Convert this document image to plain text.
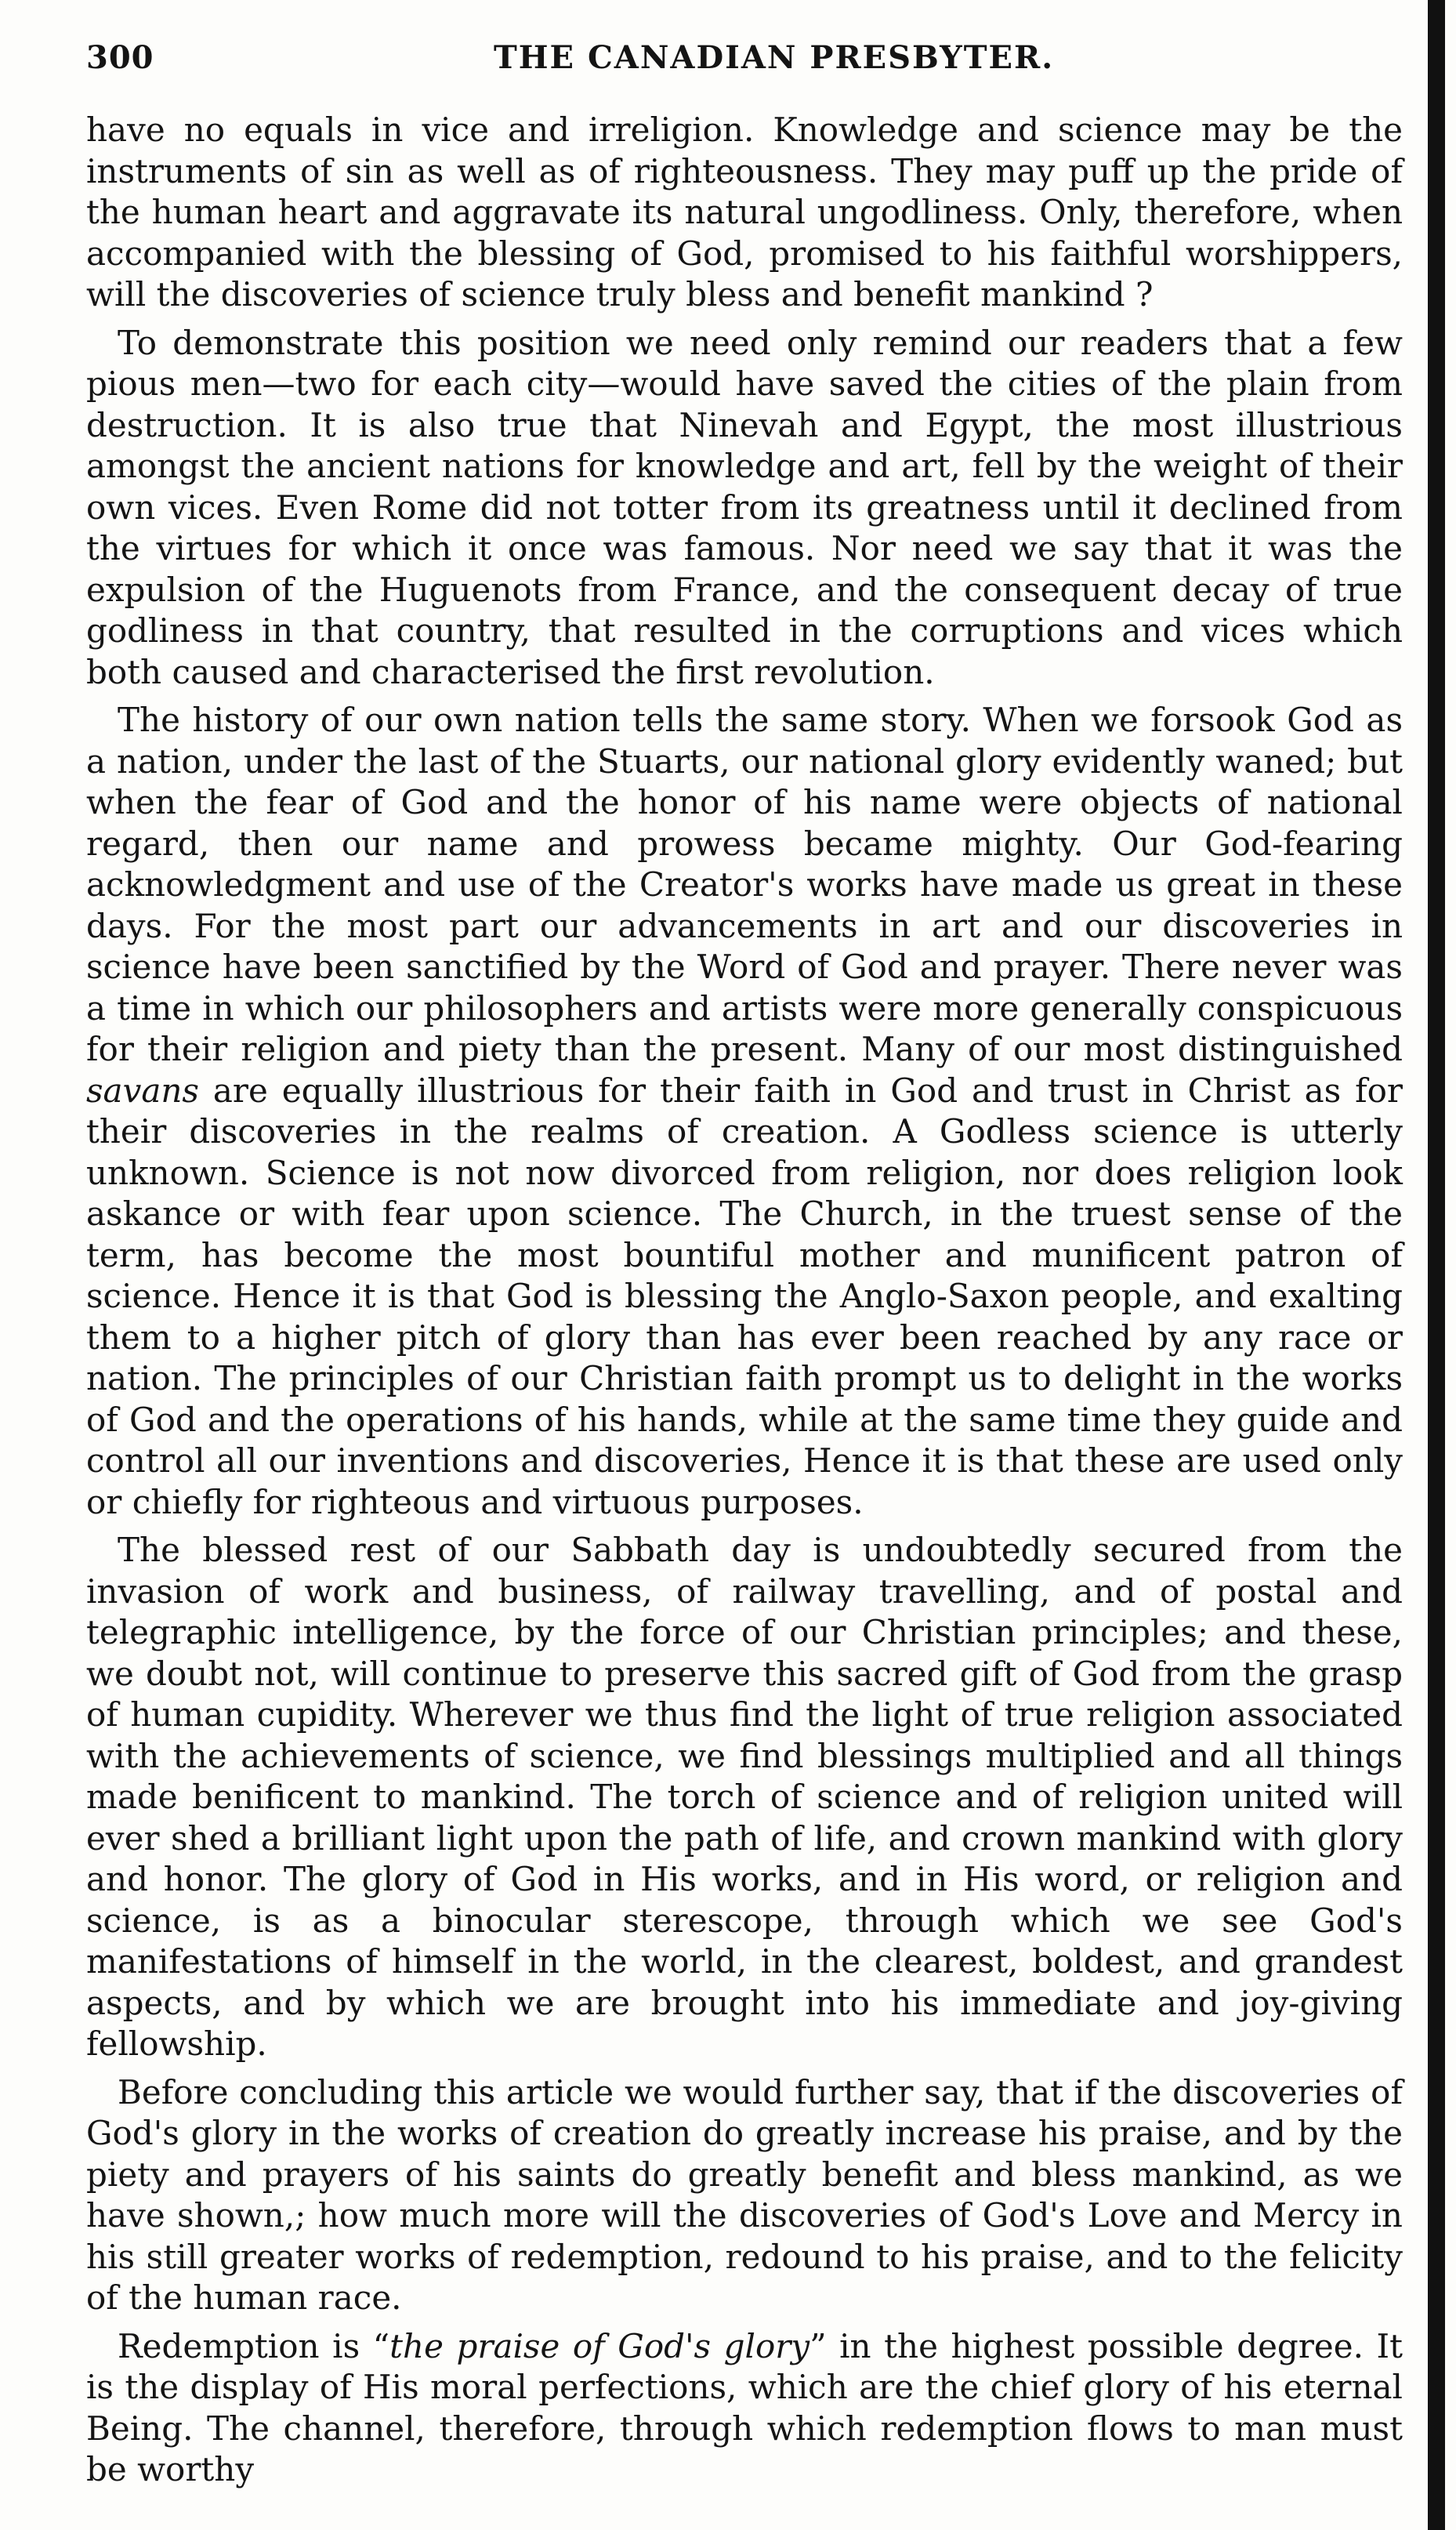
300	THE CANADIAN PRESBYTER.

have no equals in vice and irreligion. Knowledge and science may be the instruments of sin as well as of righteousness. They may puff up the pride of the human heart and aggravate its natural ungodliness. Only, therefore, when accompanied with the blessing of God, promised to his faithful worshippers, will the discoveries of science truly bless and benefit mankind ?

To demonstrate this position we need only remind our readers that a few pious men—two for each city—would have saved the cities of the plain from destruction. It is also true that Ninevah and Egypt, the most illustrious amongst the ancient nations for knowledge and art, fell by the weight of their own vices. Even Rome did not totter from its greatness until it declined from the virtues for which it once was famous. Nor need we say that it was the expulsion of the Huguenots from France, and the consequent decay of true godliness in that country, that resulted in the corruptions and vices which both caused and characterised the first revolution.

The history of our own nation tells the same story. When we forsook God as a nation, under the last of the Stuarts, our national glory evidently waned; but when the fear of God and the honor of his name were objects of national regard, then our name and prowess became mighty. Our God-fearing acknowledgment and use of the Creator's works have made us great in these days. For the most part our advancements in art and our discoveries in science have been sanctified by the Word of God and prayer. There never was a time in which our philosophers and artists were more generally conspicuous for their religion and piety than the present. Many of our most distinguished savans are equally illustrious for their faith in God and trust in Christ as for their discoveries in the realms of creation. A Godless science is utterly unknown. Science is not now divorced from religion, nor does religion look askance or with fear upon science. The Church, in the truest sense of the term, has become the most bountiful mother and munificent patron of science. Hence it is that God is blessing the Anglo-Saxon people, and exalting them to a higher pitch of glory than has ever been reached by any race or nation. The principles of our Christian faith prompt us to delight in the works of God and the operations of his hands, while at the same time they guide and control all our inventions and discoveries, Hence it is that these are used only or chiefly for righteous and virtuous purposes.

The blessed rest of our Sabbath day is undoubtedly secured from the invasion of work and business, of railway travelling, and of postal and telegraphic intelligence, by the force of our Christian principles; and these, we doubt not, will continue to preserve this sacred gift of God from the grasp of human cupidity. Wherever we thus find the light of true religion associated with the achievements of science, we find blessings multiplied and all things made benificent to mankind. The torch of science and of religion united will ever shed a brilliant light upon the path of life, and crown mankind with glory and honor. The glory of God in His works, and in His word, or religion and science, is as a binocular sterescope, through which we see God's manifestations of himself in the world, in the clearest, boldest, and grandest aspects, and by which we are brought into his immediate and joy-giving fellowship.

Before concluding this article we would further say, that if the discoveries of God's glory in the works of creation do greatly increase his praise, and by the piety and prayers of his saints do greatly benefit and bless mankind, as we have shown,; how much more will the discoveries of God's Love and Mercy in his still greater works of redemption, redound to his praise, and to the felicity of the human race.

Redemption is “the praise of God's glory” in the highest possible degree. It is the display of His moral perfections, which are the chief glory of his eternal Being. The channel, therefore, through which redemption flows to man must be worthy
